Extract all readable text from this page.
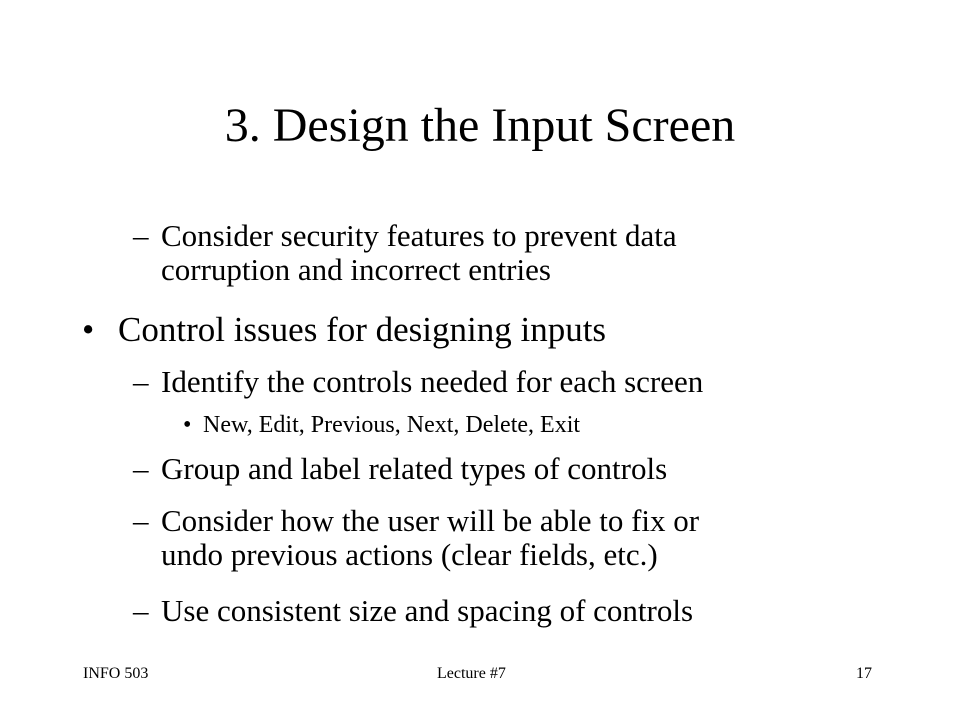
3. Design the Input Screen
– Consider security features to prevent data
corruption and incorrect entries
• Control issues for designing inputs
– Identify the controls needed for each screen
• New, Edit, Previous, Next, Delete, Exit
– Group and label related types of controls
– Consider how the user will be able to fix or
undo previous actions (clear fields, etc.)
– Use consistent size and spacing of controls
INFO 503	Lecture #7	17
